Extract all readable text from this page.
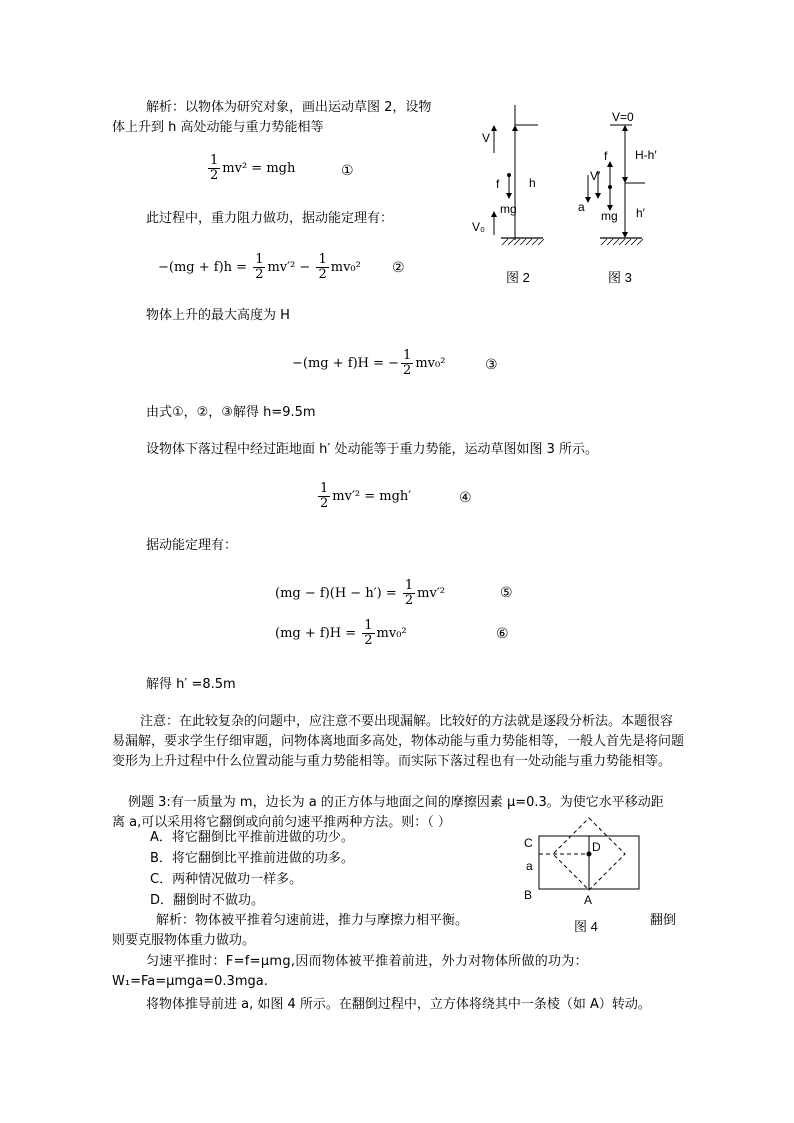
解析：以物体为研究对象，画出运动草图 2，设物
体上升到 h 高处动能与重力势能相等
$\frac{1}{2} mv^2$ = mgh	①
此过程中，重力阻力做功，据动能定理有：
$-(mg + f)h = \frac{1}{2} mv'^2 - \frac{1}{2} mv_0^2$ ②
物体上升的最大高度为 H
−(mg + f)H = − $\frac{1}{2} mv_0^2$	③
由式①，②，③解得 h=9.5m
设物体下落过程中经过距地面 h′ 处动能等于重力势能，运动草图如图 3 所示。
$\frac{1}{2} mv'^2 = mgh'$	④
据动能定理有：
$(mg - f)(H - h') = \frac{1}{2} mv'^2$	⑤
$(mg + f)H = \frac{1}{2} mv_0^2$	⑥
解得 h′ =8.5m
注意：在此较复杂的问题中，应注意不要出现漏解。比较好的方法就是逐段分析法。本题很容易漏解，要求学生仔细审题，问物体离地面多高处，物体动能与重力势能相等，一般人首先是将问题变形为上升过程中什么位置动能与重力势能相等。而实际下落过程也有一处动能与重力势能相等。
例题 3:有一质量为 m，边长为 a 的正方体与地面之间的摩擦因素 μ=0.3。为使它水平移动距
离 a,可以采用将它翻倒或向前匀速平推两种方法。则：（ ）
A．将它翻倒比平推前进做的功少。
B．将它翻倒比平推前进做的功多。
C．两种情况做功一样多。
D．翻倒时不做功。
解析：物体被平推着匀速前进，推力与摩擦力相平衡。	翻倒
则要克服物体重力做功。
匀速平推时：F=f=μmg,因而物体被平推着前进，外力对物体所做的功为：
W₁=Fa=μmga=0.3mga.
将物体推导前进 a, 如图 4 所示。在翻倒过程中，立方体将绕其中一条棱（如 A）转动。
V
f
mg
h
V₀
图 2
V=0
H-h′
f
V′
a
mg h′
图 3
C	D
a
B	A
图 4
